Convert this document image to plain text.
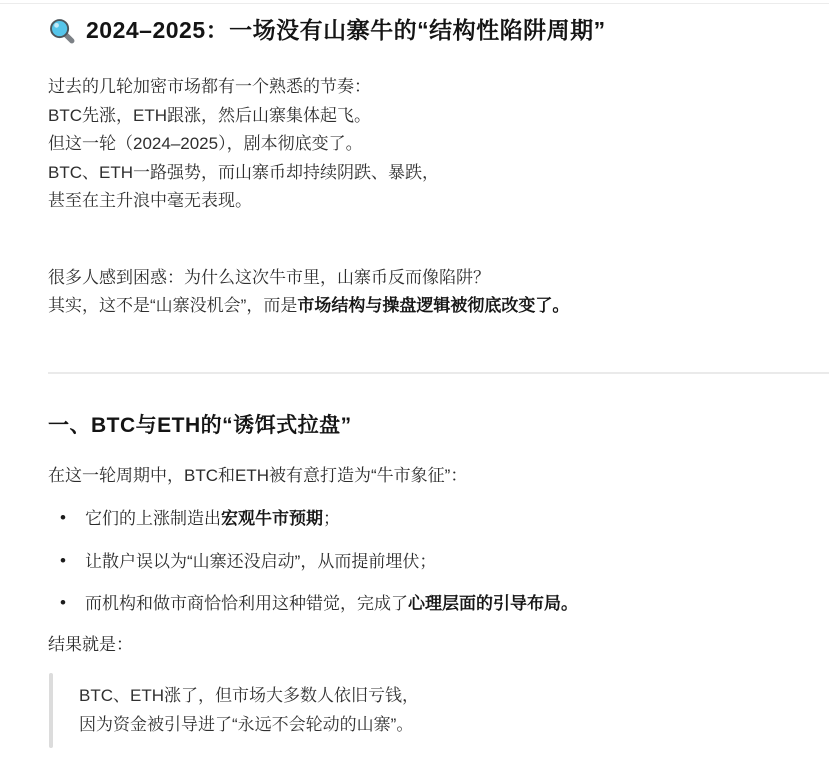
2024–2025：一场没有山寨牛的“结构性陷阱周期”
过去的几轮加密市场都有一个熟悉的节奏：
BTC先涨，ETH跟涨，然后山寨集体起飞。
但这一轮（2024–2025），剧本彻底变了。
BTC、ETH一路强势，而山寨币却持续阴跌、暴跌，
甚至在主升浪中毫无表现。
很多人感到困惑：为什么这次牛市里，山寨币反而像陷阱？
其实，这不是“山寨没机会”，而是市场结构与操盘逻辑被彻底改变了。
一、BTC与ETH的“诱饵式拉盘”
在这一轮周期中，BTC和ETH被有意打造为“牛市象征”：
• 它们的上涨制造出宏观牛市预期；
• 让散户误以为“山寨还没启动”，从而提前埋伏；
• 而机构和做市商恰恰利用这种错觉，完成了心理层面的引导布局。
结果就是：
BTC、ETH涨了，但市场大多数人依旧亏钱，
因为资金被引导进了“永远不会轮动的山寨”。
